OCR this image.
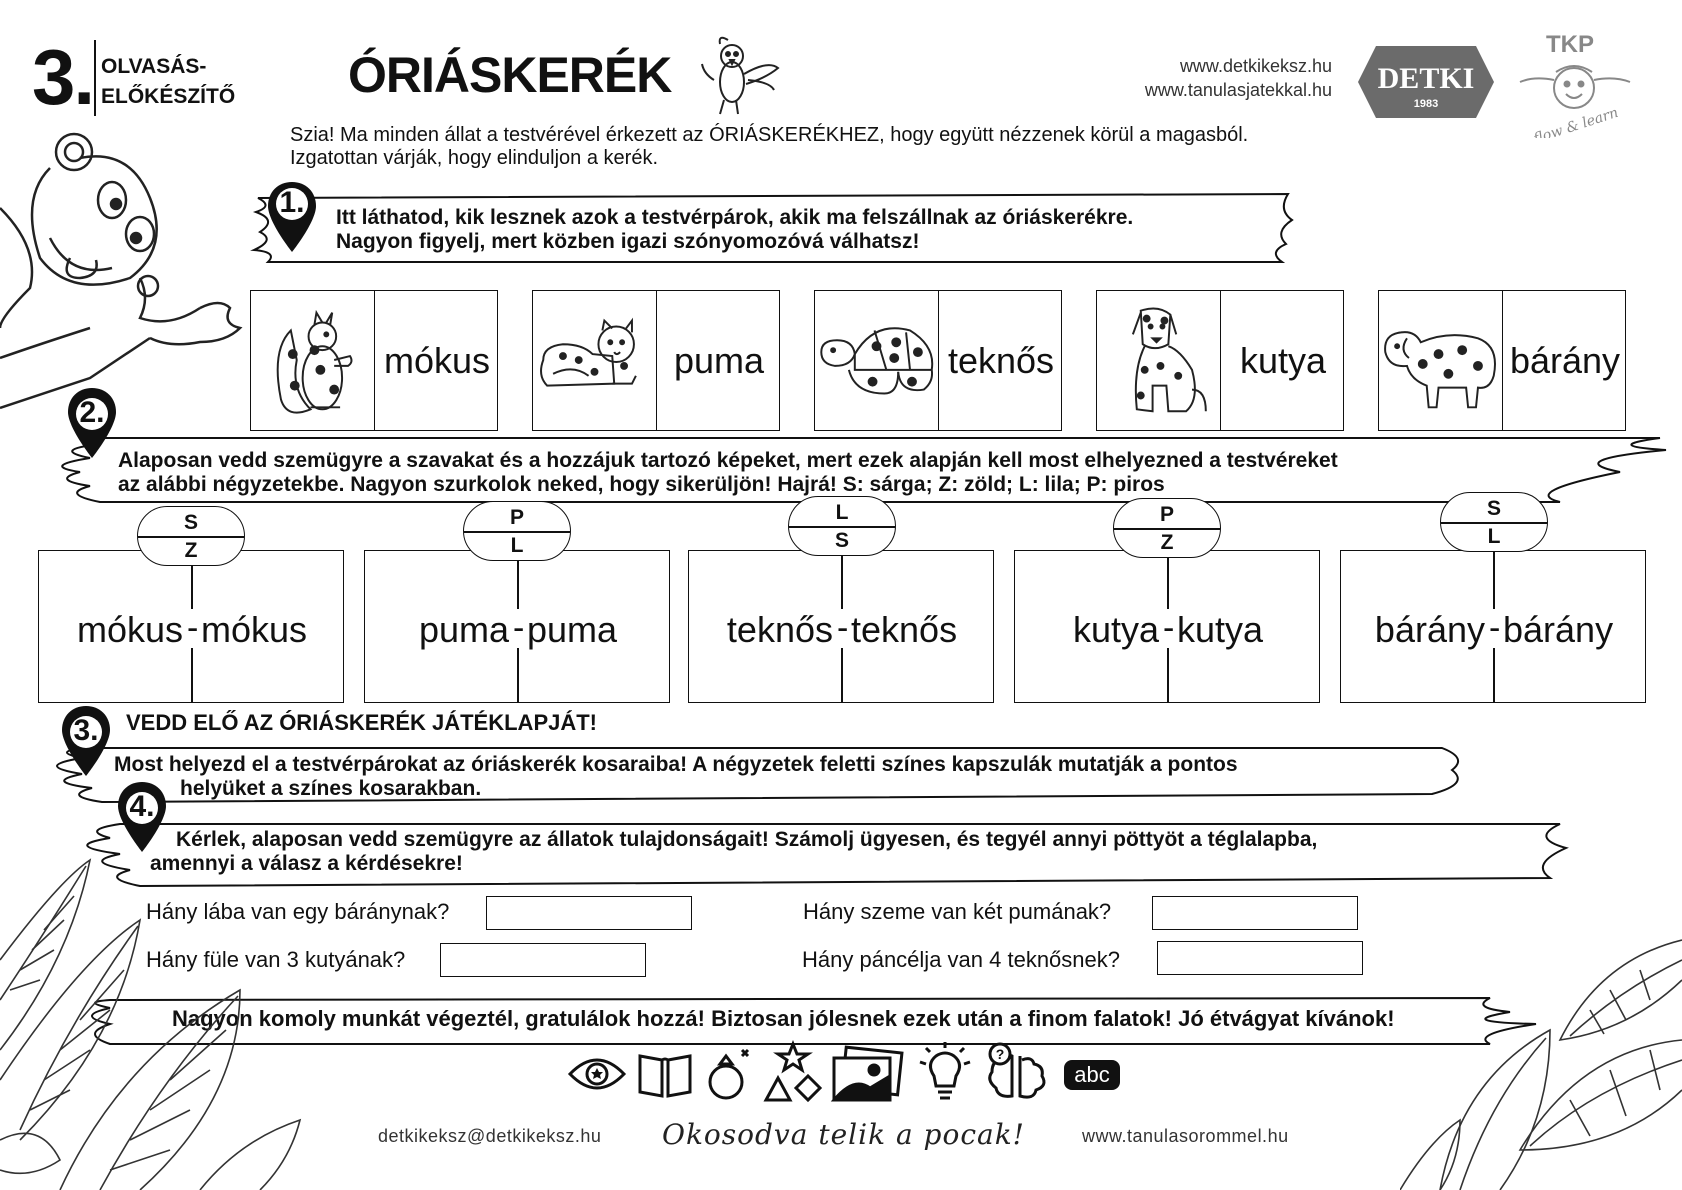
3. OLVASÁS-
ELŐKÉSZÍTŐ ÓRIÁSKERÉK	www.detkikeksz.hu
www.tanulasjatekkal.hu DETKI
1983
TKP
flow & learn
Szia! Ma minden állat a testvérével érkezett az ÓRIÁSKERÉKHEZ, hogy együtt nézzenek körül a magasból.
Izgatottan várják, hogy elinduljon a kerék.
1.	Itt láthatod, kik lesznek azok a testvérpárok, akik ma felszállnak az óriáskerékre.
Nagyon figyelj, mert közben igazi szónyomozóvá válhatsz!
mókus	puma	teknős	kutya	bárány
2.
Alaposan vedd szemügyre a szavakat és a hozzájuk tartozó képeket, mert ezek alapján kell most elhelyezned a testvéreket
az alábbi négyzetekbe. Nagyon szurkolok neked, hogy sikerüljön! Hajrá! S: sárga; Z: zöld; L: lila; P: piros
mókus - mókus	puma - puma	teknős - teknős	kutya - kutya	bárány - bárány
S
Z
P
L
L
S
P
Z
S
L
VEDD ELŐ AZ ÓRIÁSKERÉK JÁTÉKLAPJÁT!
3.
Most helyezd el a testvérpárokat az óriáskerék kosaraiba! A négyzetek feletti színes kapszulák mutatják a pontos
helyüket a színes kosarakban.
4.
Kérlek, alaposan vedd szemügyre az állatok tulajdonságait! Számolj ügyesen, és tegyél annyi pöttyöt a téglalapba,
amennyi a válasz a kérdésekre!
Hány lába van egy báránynak?	Hány szeme van két pumának?
Hány füle van 3 kutyának?	Hány páncélja van 4 teknősnek?
Nagyon komoly munkát végeztél, gratulálok hozzá! Biztosan jólesnek ezek után a finom falatok! Jó étvágyat kívánok!
?
abc
detkikeksz@detkikeksz.hu Okosodva telik a pocak!	www.tanulasorommel.hu
